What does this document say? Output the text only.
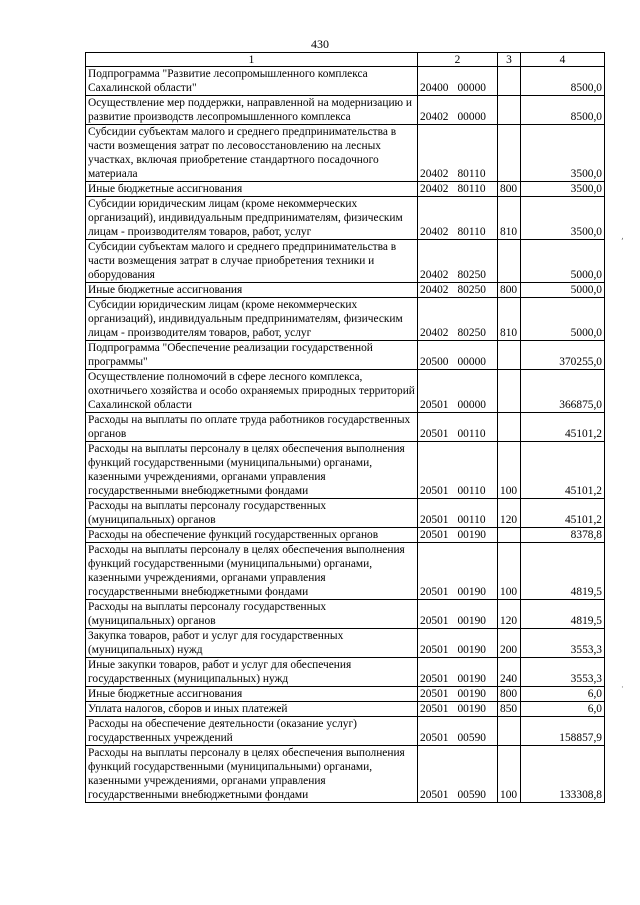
430
1	2	3	4
Подпрограмма "Развитие лесопромышленного комплекса Сахалинской области"	20400 00000		8500,0
Осуществление мер поддержки, направленной на модернизацию и развитие производств лесопромышленного комплекса	20402 00000		8500,0
Субсидии субъектам малого и среднего предпринимательства в части возмещения затрат по лесовосстановлению на лесных участках, включая приобретение стандартного посадочного материала	20402 80110		3500,0
Иные бюджетные ассигнования	20402 80110	800	3500,0
Субсидии юридическим лицам (кроме некоммерческих организаций), индивидуальным предпринимателям, физическим лицам - производителям товаров, работ, услуг	20402 80110	810	3500,0
Субсидии субъектам малого и среднего предпринимательства в части возмещения затрат в случае приобретения техники и оборудования	20402 80250		5000,0
Иные бюджетные ассигнования	20402 80250	800	5000,0
Субсидии юридическим лицам (кроме некоммерческих организаций), индивидуальным предпринимателям, физическим лицам - производителям товаров, работ, услуг	20402 80250	810	5000,0
Подпрограмма "Обеспечение реализации государственной программы"	20500 00000		370255,0
Осуществление полномочий в сфере лесного комплекса, охотничьего хозяйства и особо охраняемых природных территорий Сахалинской области	20501 00000		366875,0
Расходы на выплаты по оплате труда работников государственных органов	20501 00110		45101,2
Расходы на выплаты персоналу в целях обеспечения выполнения функций государственными (муниципальными) органами, казенными учреждениями, органами управления государственными внебюджетными фондами	20501 00110	100	45101,2
Расходы на выплаты персоналу государственных (муниципальных) органов	20501 00110	120	45101,2
Расходы на обеспечение функций государственных органов	20501 00190		8378,8
Расходы на выплаты персоналу в целях обеспечения выполнения функций государственными (муниципальными) органами, казенными учреждениями, органами управления государственными внебюджетными фондами	20501 00190	100	4819,5
Расходы на выплаты персоналу государственных (муниципальных) органов	20501 00190	120	4819,5
Закупка товаров, работ и услуг для государственных (муниципальных) нужд	20501 00190	200	3553,3
Иные закупки товаров, работ и услуг для обеспечения государственных (муниципальных) нужд	20501 00190	240	3553,3
Иные бюджетные ассигнования	20501 00190	800	6,0
Уплата налогов, сборов и иных платежей	20501 00190	850	6,0
Расходы на обеспечение деятельности (оказание услуг) государственных учреждений	20501 00590		158857,9
Расходы на выплаты персоналу в целях обеспечения выполнения функций государственными (муниципальными) органами, казенными учреждениями, органами управления государственными внебюджетными фондами	20501 00590	100	133308,8
,
·
